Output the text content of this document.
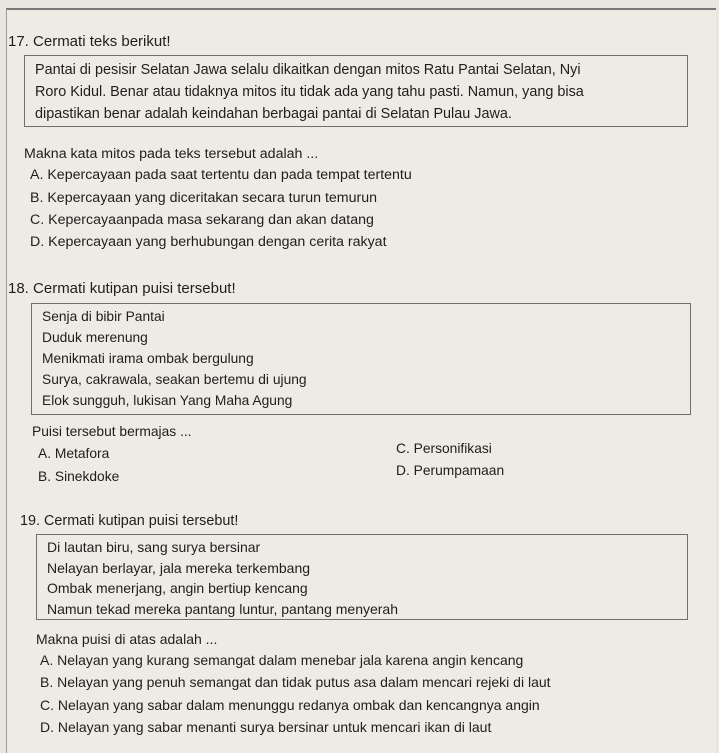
17. Cermati teks berikut!
Pantai di pesisir Selatan Jawa selalu dikaitkan dengan mitos Ratu Pantai Selatan, Nyi
Roro Kidul. Benar atau tidaknya mitos itu tidak ada yang tahu pasti. Namun, yang bisa
dipastikan benar adalah keindahan berbagai pantai di Selatan Pulau Jawa.
Makna kata mitos pada teks tersebut adalah ...
A. Kepercayaan pada saat tertentu dan pada tempat tertentu
B. Kepercayaan yang diceritakan secara turun temurun
C. Kepercayaanpada masa sekarang dan akan datang
D. Kepercayaan yang berhubungan dengan cerita rakyat
18. Cermati kutipan puisi tersebut!
Senja di bibir Pantai
Duduk merenung
Menikmati irama ombak bergulung
Surya, cakrawala, seakan bertemu di ujung
Elok sungguh, lukisan Yang Maha Agung
Puisi tersebut bermajas ...
A. Metafora
B. Sinekdoke
C. Personifikasi
D. Perumpamaan
19. Cermati kutipan puisi tersebut!
Di lautan biru, sang surya bersinar
Nelayan berlayar, jala mereka terkembang
Ombak menerjang, angin bertiup kencang
Namun tekad mereka pantang luntur, pantang menyerah
Makna puisi di atas adalah ...
A. Nelayan yang kurang semangat dalam menebar jala karena angin kencang
B. Nelayan yang penuh semangat dan tidak putus asa dalam mencari rejeki di laut
C. Nelayan yang sabar dalam menunggu redanya ombak dan kencangnya angin
D. Nelayan yang sabar menanti surya bersinar untuk mencari ikan di laut
